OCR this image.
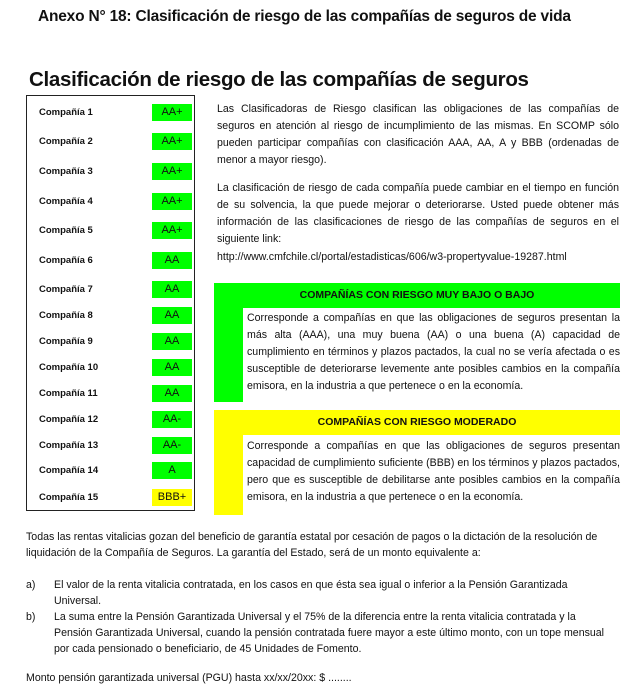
Anexo N° 18: Clasificación de riesgo de las compañías de seguros de vida
Clasificación de riesgo de las compañías de seguros
Compañía 1	AA+
Compañía 2	AA+
Compañía 3	AA+
Compañía 4	AA+
Compañía 5	AA+
Compañía 6	AA
Compañía 7	AA
Compañía 8	AA
Compañía 9	AA
Compañía 10	AA
Compañía 11	AA
Compañía 12	AA-
Compañía 13	AA-
Compañía 14	A
Compañía 15	BBB+
Las Clasificadoras de Riesgo clasifican las obligaciones de las compañías de seguros en atención al riesgo de incumplimiento de las mismas. En SCOMP sólo pueden participar compañías con clasificación AAA, AA, A y BBB (ordenadas de menor a mayor riesgo).
La clasificación de riesgo de cada compañía puede cambiar en el tiempo en función de su solvencia, la que puede mejorar o deteriorarse. Usted puede obtener más información de las clasificaciones de riesgo de las compañías de seguros en el siguiente link:
http://www.cmfchile.cl/portal/estadisticas/606/w3-propertyvalue-19287.html
COMPAÑÍAS CON RIESGO MUY BAJO O BAJO
Corresponde a compañías en que las obligaciones de seguros presentan la más alta (AAA), una muy buena (AA) o una buena (A) capacidad de cumplimiento en términos y plazos pactados, la cual no se vería afectada o es susceptible de deteriorarse levemente ante posibles cambios en la compañía emisora, en la industria a que pertenece o en la economía.
COMPAÑÍAS CON RIESGO MODERADO
Corresponde a compañías en que las obligaciones de seguros presentan capacidad de cumplimiento suficiente (BBB) en los términos y plazos pactados, pero que es susceptible de debilitarse ante posibles cambios en la compañía emisora, en la industria a que pertenece o en la economía.
Todas las rentas vitalicias gozan del beneficio de garantía estatal por cesación de pagos o la dictación de la resolución de liquidación de la Compañía de Seguros. La garantía del Estado, será de un monto equivalente a:
a)	El valor de la renta vitalicia contratada, en los casos en que ésta sea igual o inferior a la Pensión Garantizada Universal.
b)	La suma entre la Pensión Garantizada Universal y el 75% de la diferencia entre la renta vitalicia contratada y la Pensión Garantizada Universal, cuando la pensión contratada fuere mayor a este último monto, con un tope mensual por cada pensionado o beneficiario, de 45 Unidades de Fomento.
Monto pensión garantizada universal (PGU) hasta xx/xx/20xx: $ ........
